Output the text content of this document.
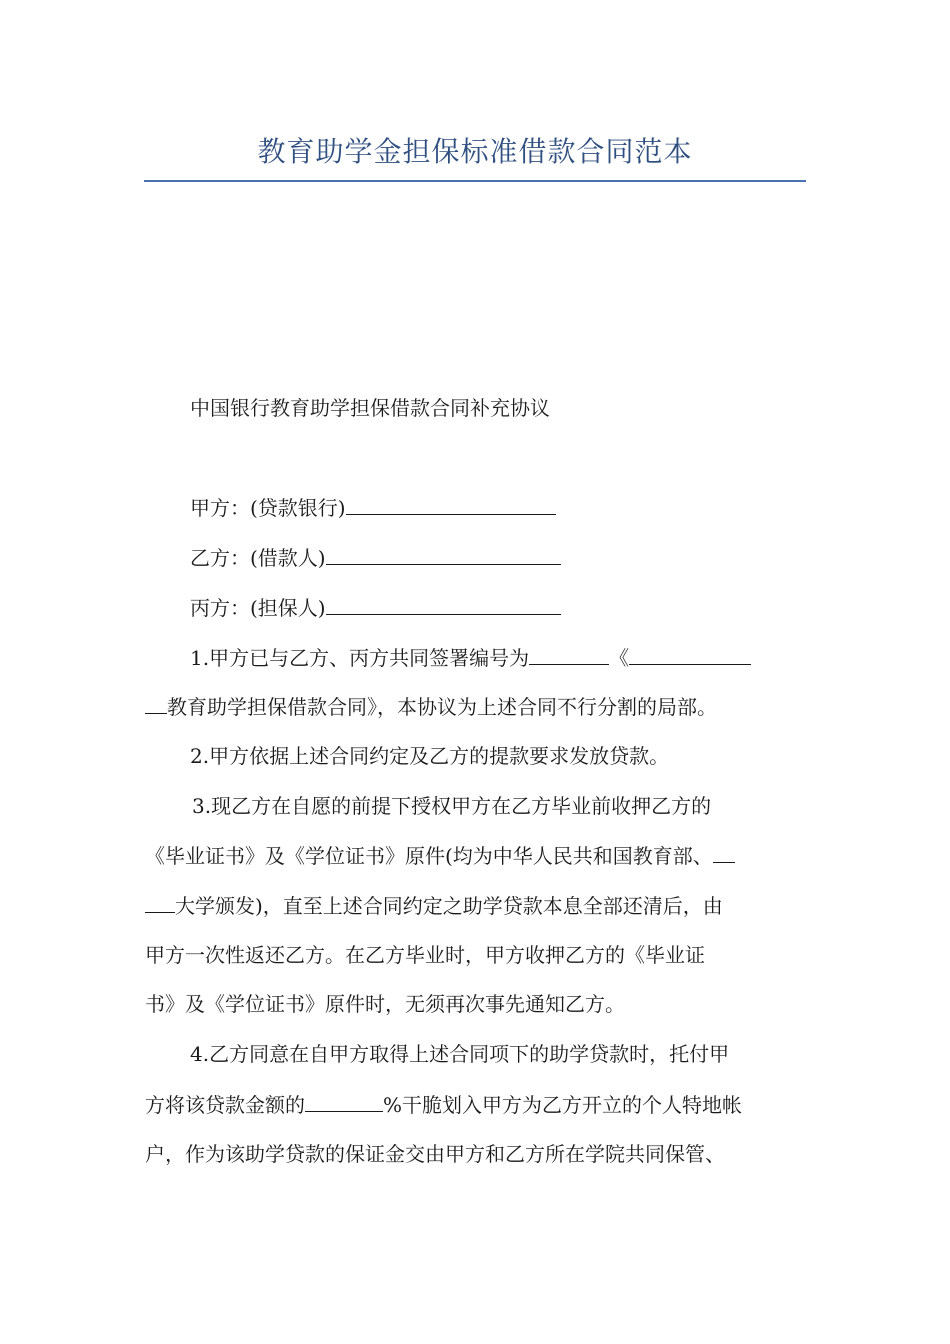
教育助学金担保标准借款合同范本
中国银行教育助学担保借款合同补充协议
甲方：(贷款银行)
乙方：(借款人)
丙方：(担保人)
1.甲方已与乙方、丙方共同签署编号为	《
教育助学担保借款合同》，本协议为上述合同不行分割的局部。
2.甲方依据上述合同约定及乙方的提款要求发放贷款。
3.现乙方在自愿的前提下授权甲方在乙方毕业前收押乙方的
《毕业证书》及《学位证书》原件(均为中华人民共和国教育部、
大学颁发)，直至上述合同约定之助学贷款本息全部还清后，由
甲方一次性返还乙方。在乙方毕业时，甲方收押乙方的《毕业证
书》及《学位证书》原件时，无须再次事先通知乙方。
4.乙方同意在自甲方取得上述合同项下的助学贷款时，托付甲
方将该贷款金额的	%干脆划入甲方为乙方开立的个人特地帐
户，作为该助学贷款的保证金交由甲方和乙方所在学院共同保管、
